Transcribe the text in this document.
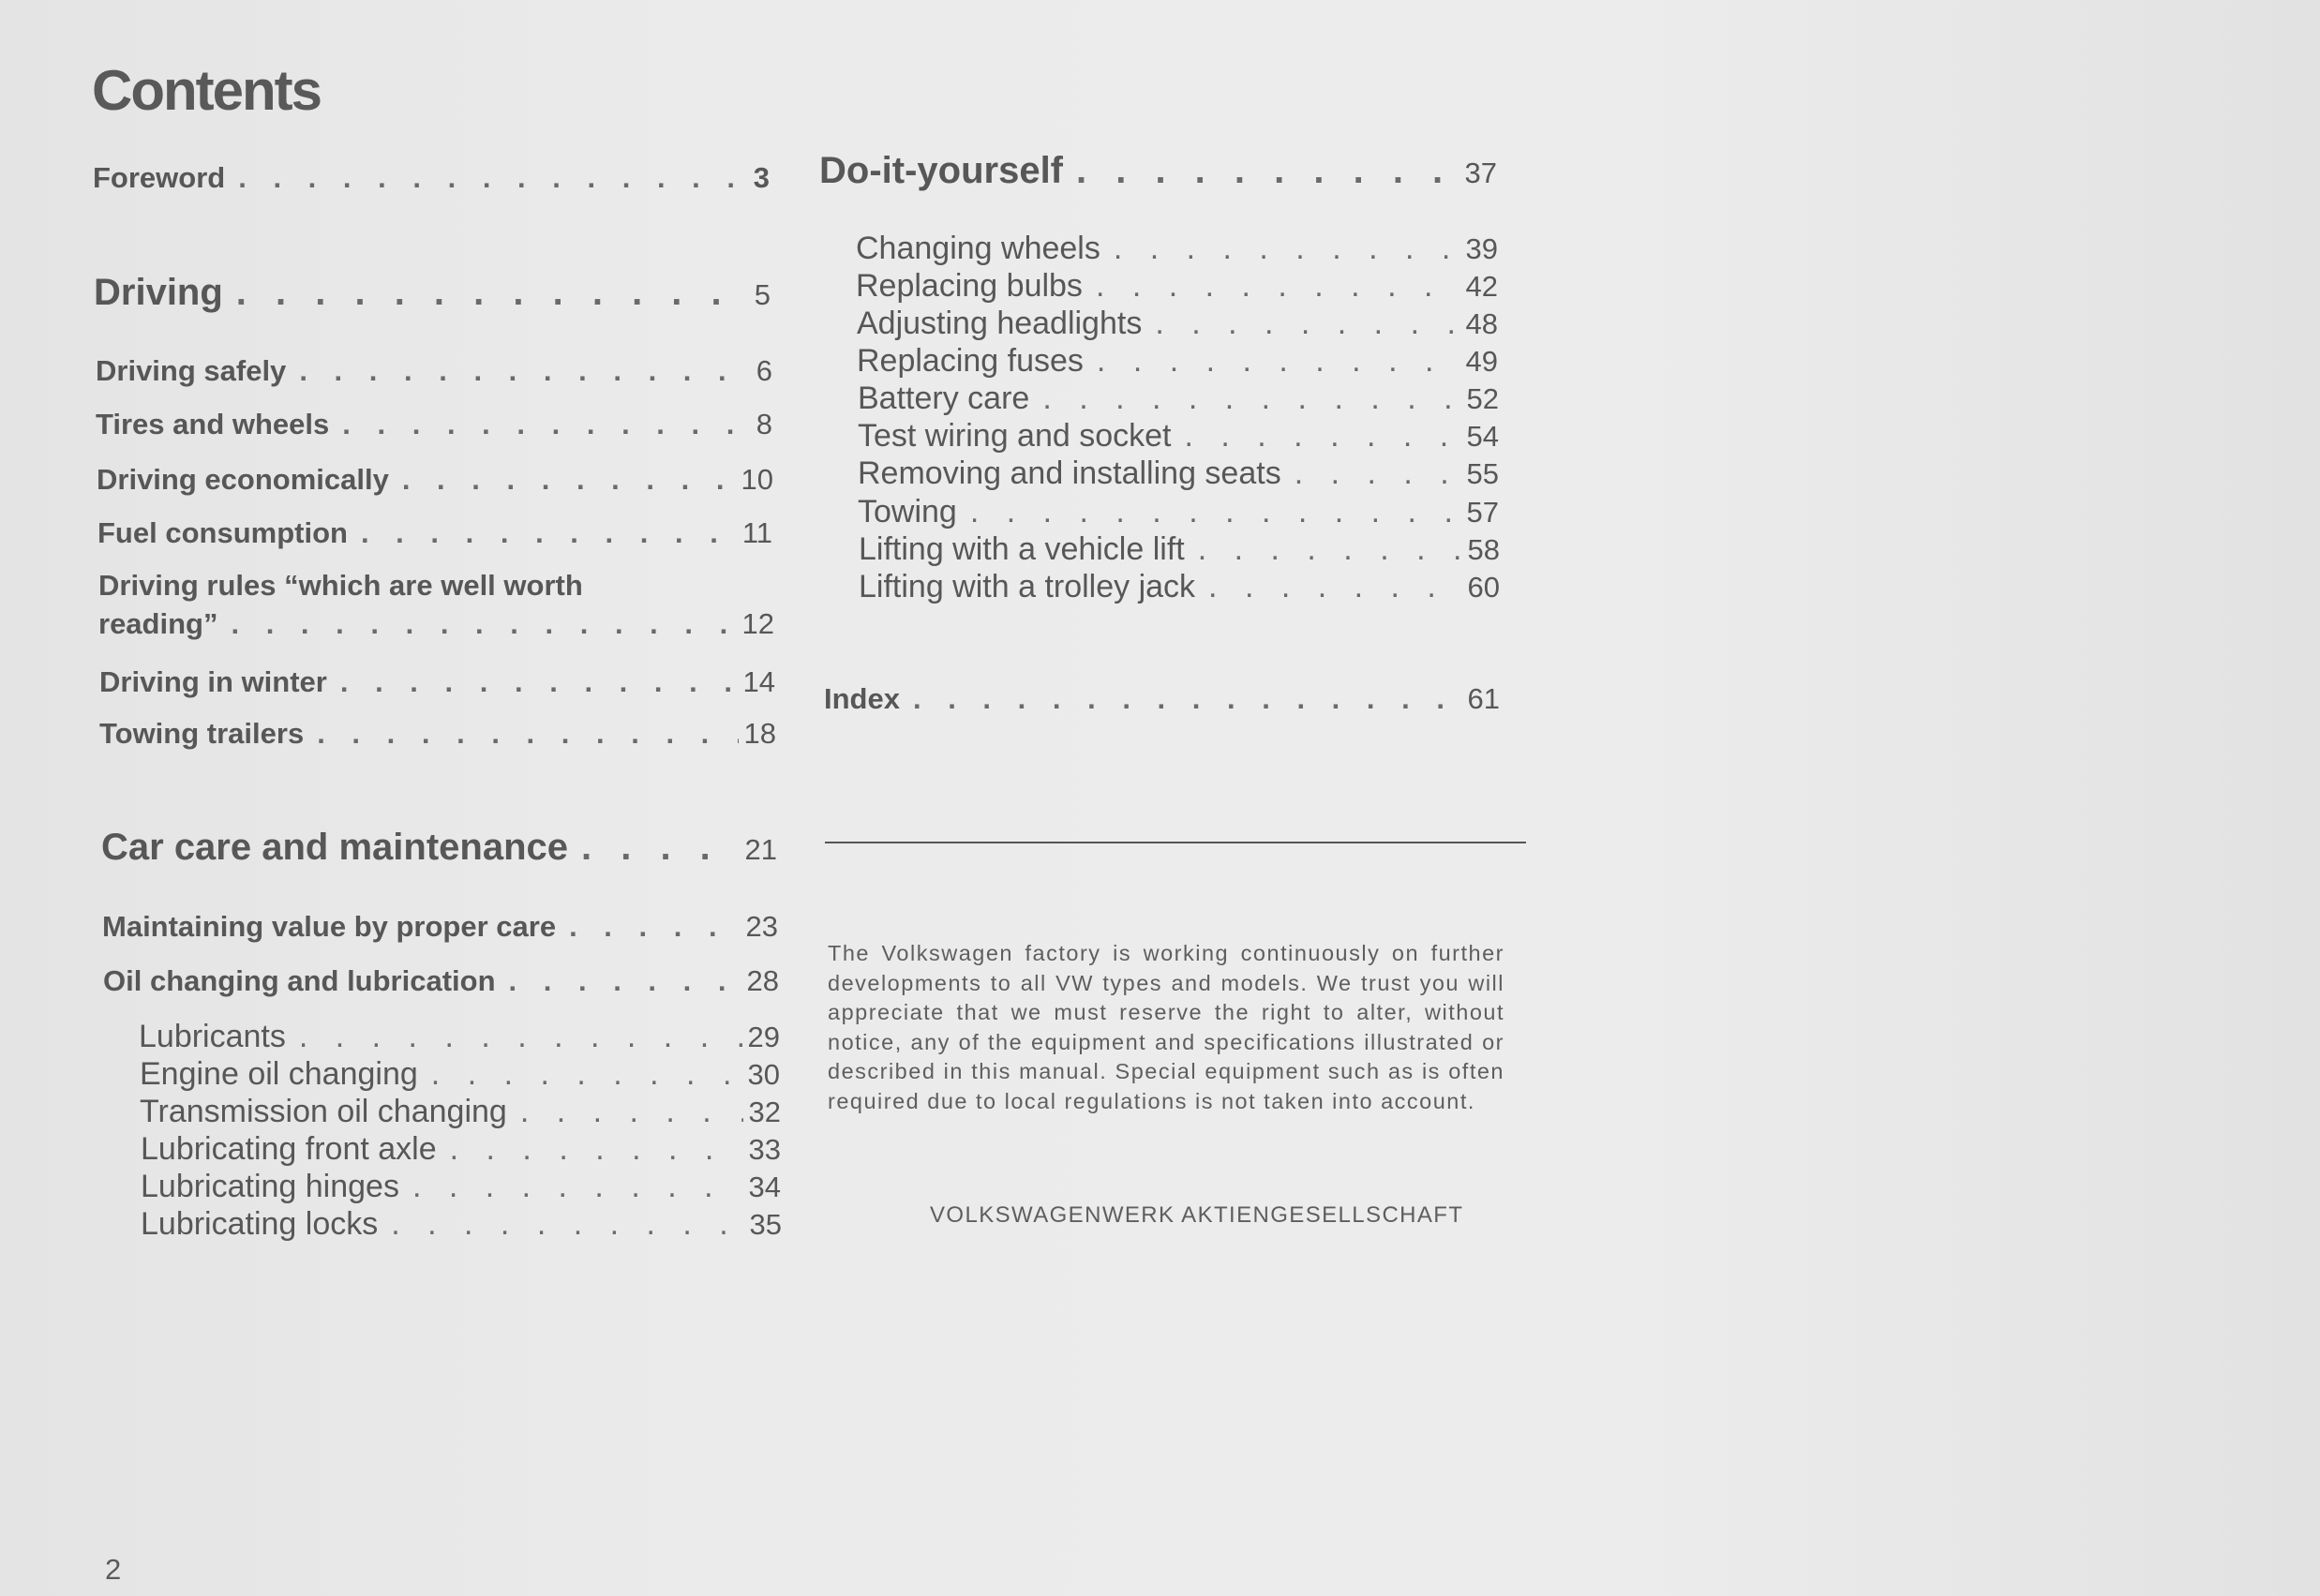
Contents
Foreword . . .	3
Driving . . .	5
Driving safely . . .	6
Tires and wheels . . .	8
Driving economically . . .	10
Fuel consumption . . .	11
Driving rules “which are well worth
reading” . . .	12
Driving in winter . . .	14
Towing trailers . . .	18
Car care and maintenance . . .	21
Maintaining value by proper care . . .	23
Oil changing and lubrication . . .	28
Lubricants . . .	29
Engine oil changing . . .	30
Transmission oil changing . . .	32
Lubricating front axle . . .	33
Lubricating hinges . . .	34
Lubricating locks . . .	35
Do-it-yourself . . .	37
Changing wheels . . .	39
Replacing bulbs . . .	42
Adjusting headlights . . .	48
Replacing fuses . . .	49
Battery care . . .	52
Test wiring and socket . . .	54
Removing and installing seats . . .	55
Towing . . .	57
Lifting with a vehicle lift . . .	58
Lifting with a trolley jack . . .	60
Index . . .	61
The Volkswagen factory is working continuously on further developments to all VW types and models. We trust you will appreciate that we must reserve the right to alter, without notice, any of the equipment and specifications illustrated or described in this manual. Special equipment such as is often required due to local regulations is not taken into account.
VOLKSWAGENWERK AKTIENGESELLSCHAFT
2
